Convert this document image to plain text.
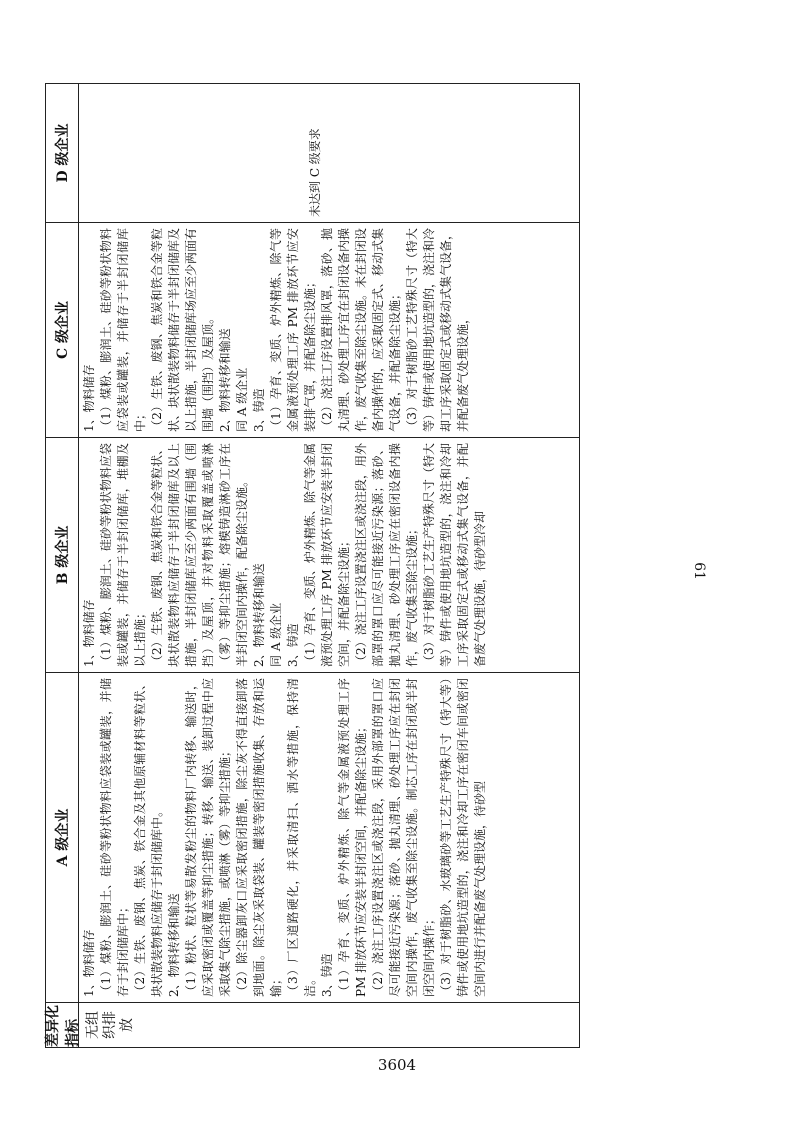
差异化指标 无组织排放
A 级企业

1、物料储存 （1）煤粉、膨润土、硅砂等粉状物料应袋装或罐装，并储存于封闭储库中； （2）生铁、废钢、焦炭、铁合金及其他原辅材料等粒状、块状散装物料应储存于封闭储库中。 2、物料转移和输送 （1）粉状、粒状等易散发粉尘的物料厂内转移、输送时，应采取密闭或覆盖等抑尘措施；转移、输送、装卸过程中应采取集气除尘措施，或喷淋（雾）等抑尘措施； （2）除尘器卸灰口应采取密闭措施，除尘灰不得直接卸落到地面。除尘灰采取袋装、罐装等密闭措施收集、存放和运输； （3）厂区道路硬化，并采取清扫、洒水等措施，保持清洁。 3、铸造 （1）孕育、变质、炉外精炼、除气等金属液预处理工序 PM 排放环节应安装半封闭空间，并配备除尘设施； （2）浇注工序设置浇注区或浇注段，采用外部罩的罩口应尽可能接近污染源；落砂、抛丸清理、砂处理工序应在封闭空间内操作，废气收集至除尘设施。制芯工序在封闭或半封闭空间内操作； （3）对于树脂砂、水玻璃砂等工艺生产特殊尺寸（特大等）铸件或使用地坑造型的，浇注和冷却工序在密闭车间或密闭空间内进行并配备废气处理设施，待砂型

B 级企业

1、物料储存 （1）煤粉、膨润土、硅砂等粉状物料应袋装或罐装，并储存于半封闭储库，堆棚及以上措施； （2）生铁、废钢、焦炭和铁合金等粒状、块状散装物料应储存于半封闭储库及以上措施，半封闭储库应至少两面有围墙（围挡）及屋顶，并对物料采取覆盖或喷淋（雾）等抑尘措施；熔模铸造淋砂工序在半封闭空间内操作，配备除尘设施。 2、物料转移和输送 同 A 级企业 3、铸造 （1）孕育、变质、炉外精炼、除气等金属液预处理工序 PM 排放环节应安装半封闭空间，并配备除尘设施； （2）浇注工序设置浇注区或浇注段，用外部罩的罩口应尽可能接近污染源；落砂、抛丸清理、砂处理工序应在密闭设备内操作，废气收集至除尘设施； （3）对于树脂砂工艺生产特殊尺寸（特大等）铸件或使用地坑造型的，浇注和冷却工序采取固定式或移动式集气设备，并配备废气处理设施，待砂型冷却

C 级企业

1、物料储存 （1）煤粉、膨润土、硅砂等粉状物料应袋装或罐装，并储存于半封闭储库中； （2）生铁、废钢、焦炭和铁合金等粒状、块状散装物料储存于半封闭储库及以上措施，半封闭储库场应至少两面有围墙（围挡）及屋顶。 2、物料转移和输送 同 A 级企业 3、铸造 （1）孕育、变质、炉外精炼、除气等金属液预处理工序 PM 排放环节应安装排气罩，并配备除尘设施； （2）浇注工序设置排风罩，落砂、抛丸清理、砂处理工序宜在封闭设备内操作，废气收集至除尘设施。未在封闭设备内操作的，应采取固定式、移动式集气设备，并配备除尘设施； （3）对于树脂砂工艺特殊尺寸（特大等）铸件或使用地坑造型的，浇注和冷却工序采取固定式或移动式集气设备，并配备废气处理设施，

D 级企业	未达到 C 级要求
61
3604
